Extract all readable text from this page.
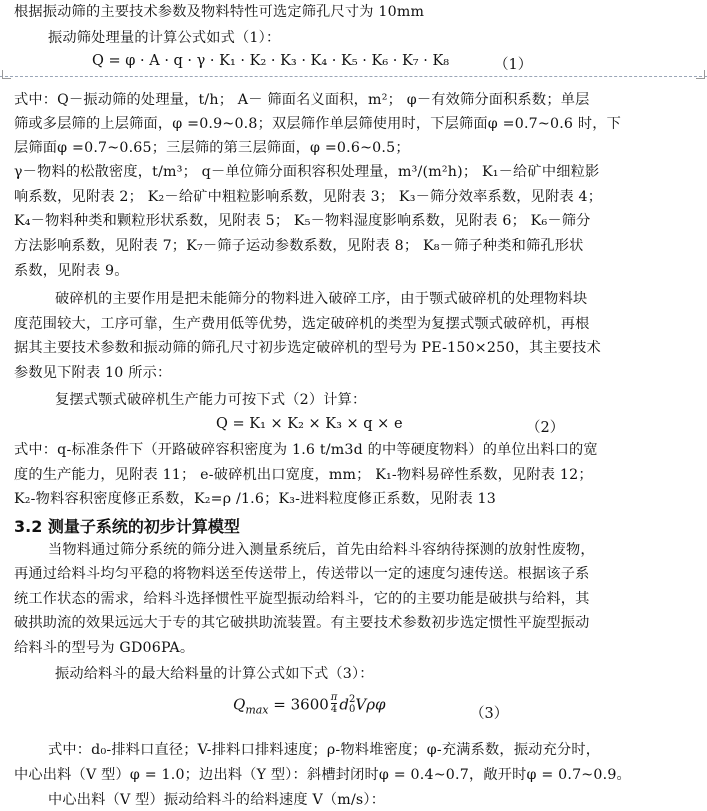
根据振动筛的主要技术参数及物料特性可选定筛孔尺寸为 10mm
振动筛处理量的计算公式如式（1）：
Q = φ · A · q · γ · K₁ · K₂ · K₃ · K₄ · K₅ · K₆ · K₇ · K₈	（1）
式中：Q－振动筛的处理量，t/h； A－ 筛面名义面积，m²； φ－有效筛分面积系数；单层
筛或多层筛的上层筛面，φ =0.9~0.8；双层筛作单层筛使用时，下层筛面φ =0.7~0.6 时，下
层筛面φ =0.7~0.65；三层筛的第三层筛面，φ =0.6~0.5；
γ－物料的松散密度，t/m³； q－单位筛分面积容积处理量，m³/(m²h)； K₁－给矿中细粒影
响系数，见附表 2； K₂－给矿中粗粒影响系数，见附表 3； K₃－筛分效率系数，见附表 4；
K₄－物料种类和颗粒形状系数，见附表 5； K₅－物料湿度影响系数，见附表 6； K₆－筛分
方法影响系数，见附表 7；K₇－筛子运动参数系数，见附表 8； K₈－筛子种类和筛孔形状
系数，见附表 9。
破碎机的主要作用是把未能筛分的物料进入破碎工序，由于颚式破碎机的处理物料块
度范围较大，工序可靠，生产费用低等优势，选定破碎机的类型为复摆式颚式破碎机，再根
据其主要技术参数和振动筛的筛孔尺寸初步选定破碎机的型号为 PE-150×250，其主要技术
参数见下附表 10 所示：
复摆式颚式破碎机生产能力可按下式（2）计算：
Q = K₁ × K₂ × K₃ × q × e	（2）
式中：q-标准条件下（开路破碎容积密度为 1.6 t/m3d 的中等硬度物料）的单位出料口的宽
度的生产能力，见附表 11； e-破碎机出口宽度，mm； K₁-物料易碎性系数，见附表 12；
K₂-物料容积密度修正系数，K₂=ρ /1.6；K₃-进料粒度修正系数，见附表 13
3.2 测量子系统的初步计算模型
当物料通过筛分系统的筛分进入测量系统后，首先由给料斗容纳待探测的放射性废物，
再通过给料斗均匀平稳的将物料送至传送带上，传送带以一定的速度匀速传送。根据该子系
统工作状态的需求，给料斗选择惯性平旋型振动给料斗，它的的主要功能是破拱与给料，其
破拱助流的效果远远大于专的其它破拱助流装置。有主要技术参数初步选定惯性平旋型振动
给料斗的型号为 GD06PA。
振动给料斗的最大给料量的计算公式如下式（3）：
$Q_{max} = 3600 \frac{\pi}{4}$ d 2
0 Vρφ
（3）
式中：d₀-排料口直径；V-排料口排料速度；ρ-物料堆密度；φ-充满系数，振动充分时，
中心出料（V 型）φ = 1.0；边出料（Y 型）：斜槽封闭时φ = 0.4~0.7，敞开时φ = 0.7~0.9。
中心出料（V 型）振动给料斗的给料速度 V（m/s）：
